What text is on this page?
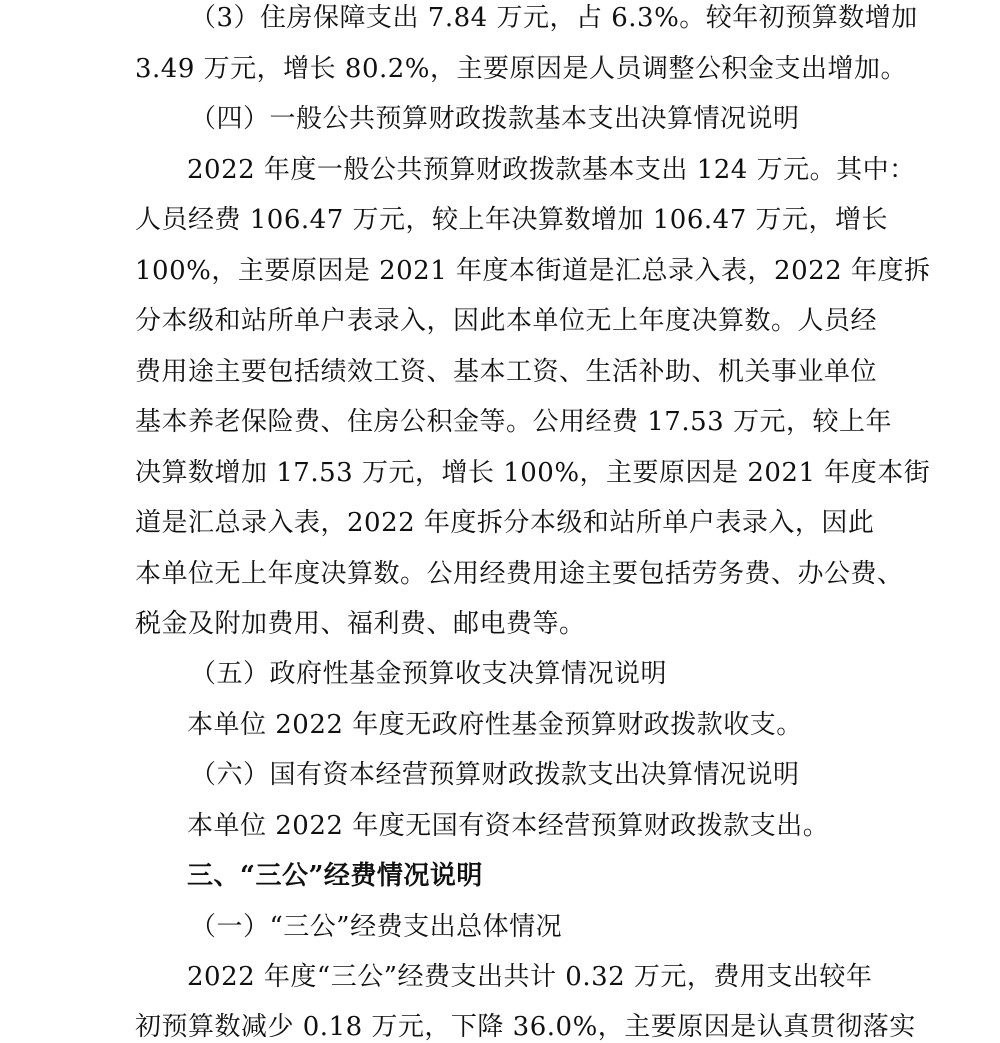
（3）住房保障支出 7.84 万元，占 6.3%。较年初预算数增加
3.49 万元，增长 80.2%，主要原因是人员调整公积金支出增加。
（四）一般公共预算财政拨款基本支出决算情况说明
2022 年度一般公共预算财政拨款基本支出 124 万元。其中：
人员经费 106.47 万元，较上年决算数增加 106.47 万元，增长
100%，主要原因是 2021 年度本街道是汇总录入表，2022 年度拆
分本级和站所单户表录入，因此本单位无上年度决算数。人员经
费用途主要包括绩效工资、基本工资、生活补助、机关事业单位
基本养老保险费、住房公积金等。公用经费 17.53 万元，较上年
决算数增加 17.53 万元，增长 100%，主要原因是 2021 年度本街
道是汇总录入表，2022 年度拆分本级和站所单户表录入，因此
本单位无上年度决算数。公用经费用途主要包括劳务费、办公费、
税金及附加费用、福利费、邮电费等。
（五）政府性基金预算收支决算情况说明
本单位 2022 年度无政府性基金预算财政拨款收支。
（六）国有资本经营预算财政拨款支出决算情况说明
本单位 2022 年度无国有资本经营预算财政拨款支出。
三、“三公”经费情况说明
（一）“三公”经费支出总体情况
2022 年度“三公”经费支出共计 0.32 万元，费用支出较年
初预算数减少 0.18 万元，下降 36.0%，主要原因是认真贯彻落实
